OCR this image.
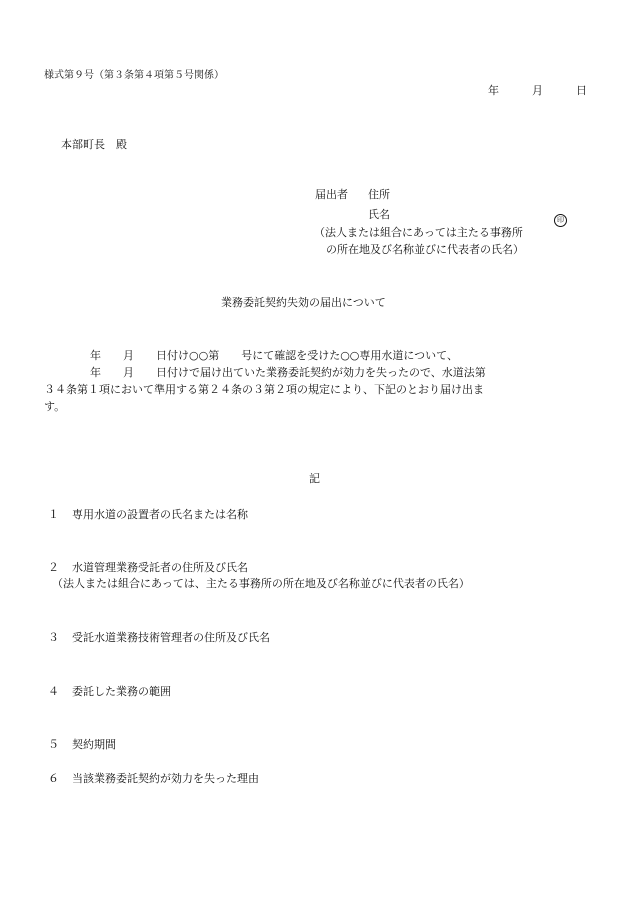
様式第９号（第３条第４項第５号関係）
年	月	日
本部町長　殿
届出者 住所
氏名	印
（法人または組合にあっては主たる事務所
の所在地及び名称並びに代表者の氏名）
業務委託契約失効の届出について
年　　月　　日付け○○第　　号にて確認を受けた○○専用水道について、
年　　月　　日付けで届け出ていた業務委託契約が効力を失ったので、水道法第
３４条第１項において準用する第２４条の３第２項の規定により、下記のとおり届け出ま
す。
記
１ 専用水道の設置者の氏名または名称
２ 水道管理業務受託者の住所及び氏名
（法人または組合にあっては、主たる事務所の所在地及び名称並びに代表者の氏名）
３ 受託水道業務技術管理者の住所及び氏名
４ 委託した業務の範囲
５ 契約期間
６ 当該業務委託契約が効力を失った理由
